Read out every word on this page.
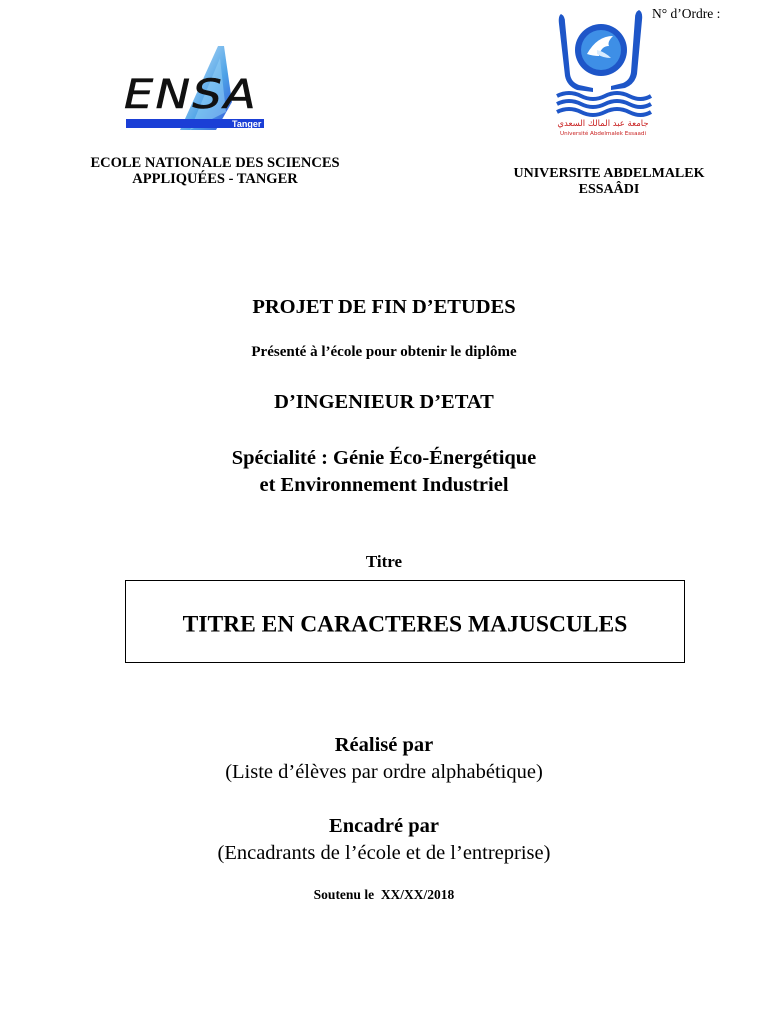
ENSA
Tanger
ECOLE NATIONALE DES SCIENCES
APPLIQUÉES - TANGER
جامعة عبد المالك السعدي
Université Abdelmalek Essaadi
N° d’Ordre :
UNIVERSITE ABDELMALEK
ESSAÂDI
PROJET DE FIN D’ETUDES
Présenté à l’école pour obtenir le diplôme
D’INGENIEUR D’ETAT
Spécialité : Génie Éco-Énergétique
et Environnement Industriel
Titre
TITRE EN CARACTERES MAJUSCULES
Réalisé par
(Liste d’élèves par ordre alphabétique)
Encadré par
(Encadrants de l’école et de l’entreprise)
Soutenu le XX/XX/2018
